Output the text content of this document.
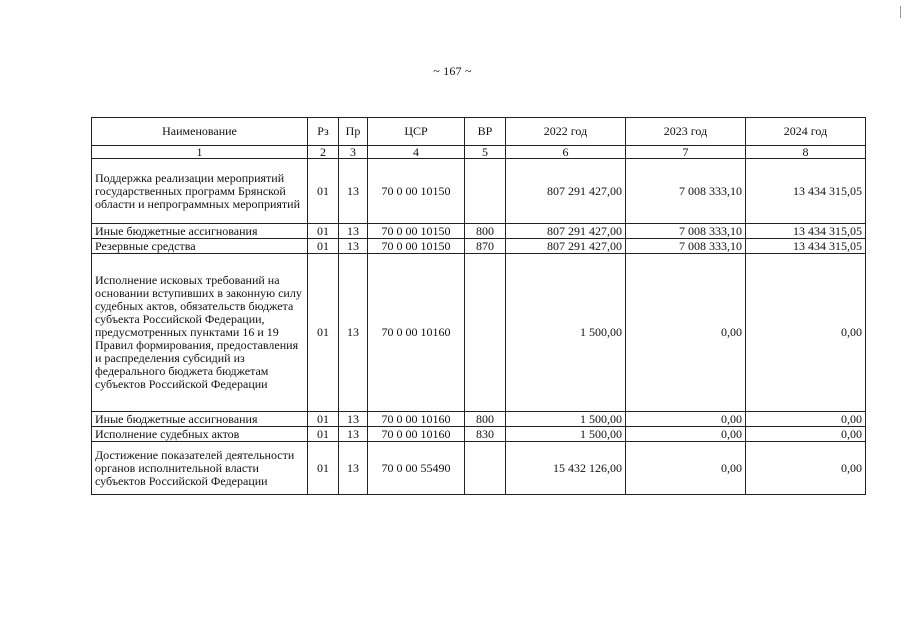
~ 167 ~
Наименование	Рз	Пр	ЦСР	ВР	2022 год	2023 год	2024 год
1	2	3	4	5	6	7	8
Поддержка реализации мероприятий государственных программ Брянской области и непрограммных мероприятий	01	13	70 0 00 10150		807 291 427,00	7 008 333,10	13 434 315,05
Иные бюджетные ассигнования	01	13	70 0 00 10150	800	807 291 427,00	7 008 333,10	13 434 315,05
Резервные средства	01	13	70 0 00 10150	870	807 291 427,00	7 008 333,10	13 434 315,05
Исполнение исковых требований на основании вступивших в законную силу судебных актов, обязательств бюджета субъекта Российской Федерации, предусмотренных пунктами 16 и 19 Правил формирования, предоставления и распределения субсидий из федерального бюджета бюджетам субъектов Российской Федерации	01	13	70 0 00 10160		1 500,00	0,00	0,00
Иные бюджетные ассигнования	01	13	70 0 00 10160	800	1 500,00	0,00	0,00
Исполнение судебных актов	01	13	70 0 00 10160	830	1 500,00	0,00	0,00
Достижение показателей деятельности органов исполнительной власти субъектов Российской Федерации	01	13	70 0 00 55490		15 432 126,00	0,00	0,00
